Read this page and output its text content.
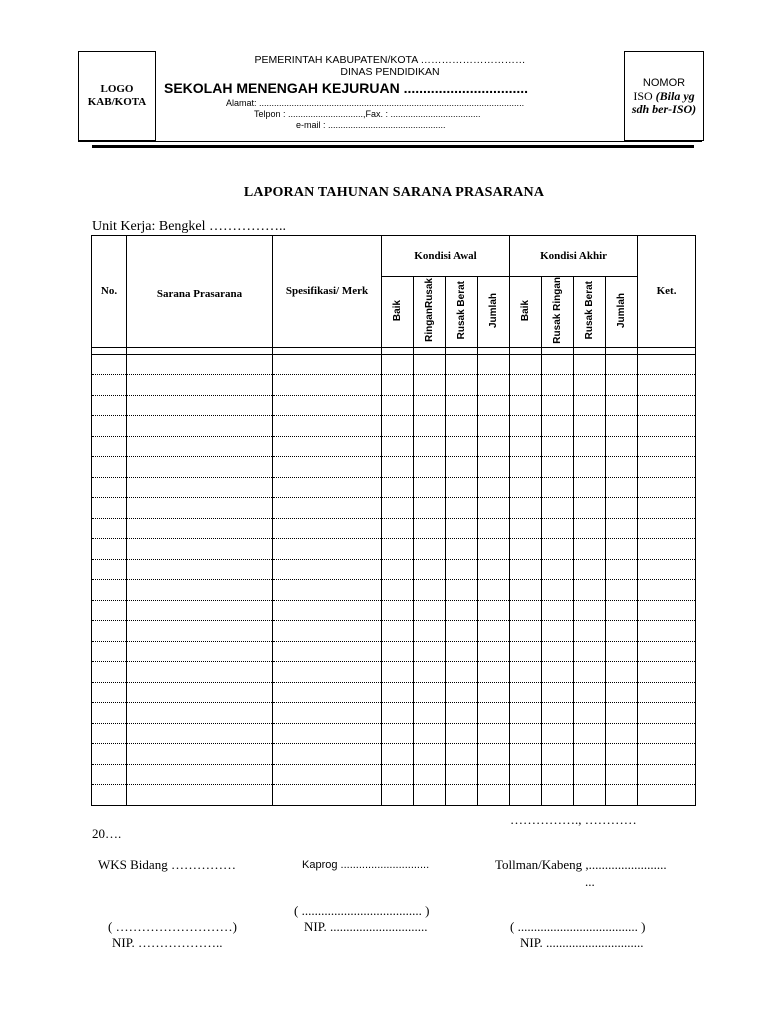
LOGO
KAB/KOTA
PEMERINTAH KABUPATEN/KOTA …………………………
DINAS PENDIDIKAN
SEKOLAH MENENGAH KEJURUAN ................................
Alamat: ..........................................................................................................
Telpon : ..............................,Fax. : ....................................
e-mail : ...............................................
NOMOR
ISO (Bila yg
sdh ber-ISO)
LAPORAN TAHUNAN SARANA PRASARANA
Unit Kerja: Bengkel ……………..
No.	Sarana Prasarana	Spesifikasi/ Merk	Kondisi Awal				Kondisi Akhir				Ket.
			Baik	RinganRusak	Rusak Berat	Jumlah	Baik	Rusak Ringan	Rusak Berat	Jumlah	

……………., …………
20….
WKS Bidang ……………	Kaprog .............................	Tollman/Kabeng ,........................
...
( ..................................... )
( ………………………)	NIP. ..............................	( ..................................... )
NIP. ………………..	NIP. ..............................
